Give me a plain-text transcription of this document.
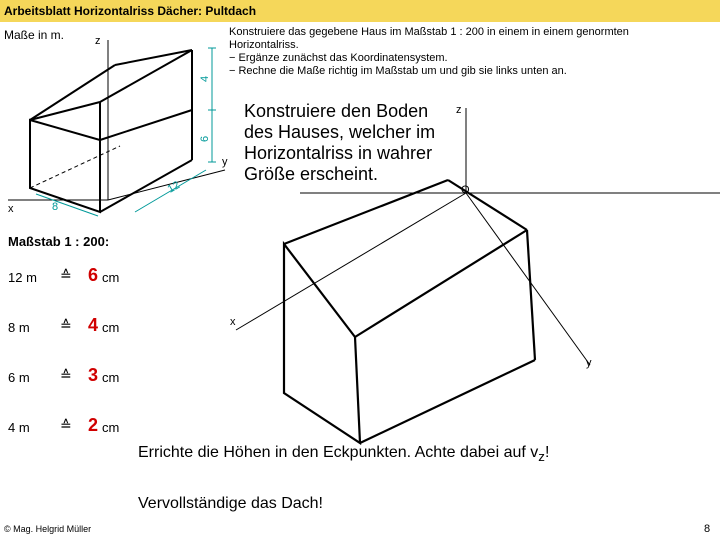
Arbeitsblatt Horizontalriss Dächer: Pultdach
Maße in m.	Konstruiere das gegebene Haus im Maßstab 1 : 200 in einem in einem genormten
Horizontalriss.
− Ergänze zunächst das Koordinatensystem.
− Rechne die Maße richtig im Maßstab um und gib sie links unten an.
z
y
x
4
6
12
8
z
O
x
y
Konstruiere den Boden des Hauses, welcher im Horizontalriss in wahrer Größe erscheint.
Maßstab 1 : 200:
12 m	≙ 6 cm
8 m	≙ 4 cm
6 m	≙ 3 cm
4 m	≙ 2 cm
Errichte die Höhen in den Eckpunkten. Achte dabei auf $v_z$!
Vervollständige das Dach!
© Mag. Helgrid Müller	8
